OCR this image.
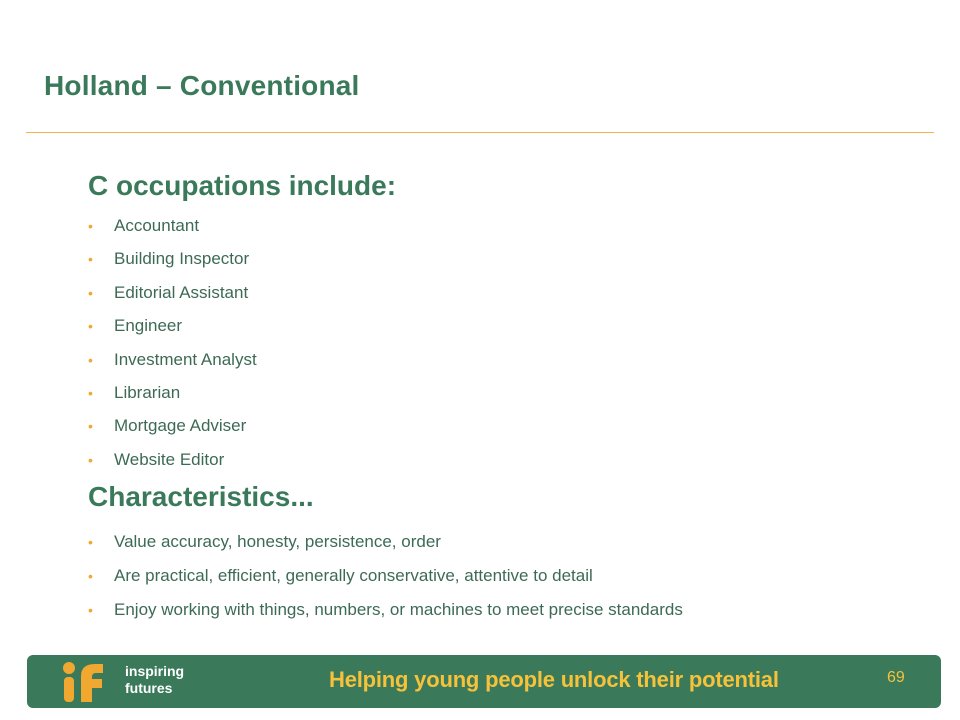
Holland – Conventional
C occupations include:
• Accountant
• Building Inspector
• Editorial Assistant
• Engineer
• Investment Analyst
• Librarian
• Mortgage Adviser
• Website Editor
Characteristics...
• Value accuracy, honesty, persistence, order
• Are practical, efficient, generally conservative, attentive to detail
• Enjoy working with things, numbers, or machines to meet precise standards
inspiring
futures	Helping young people unlock their potential	69
